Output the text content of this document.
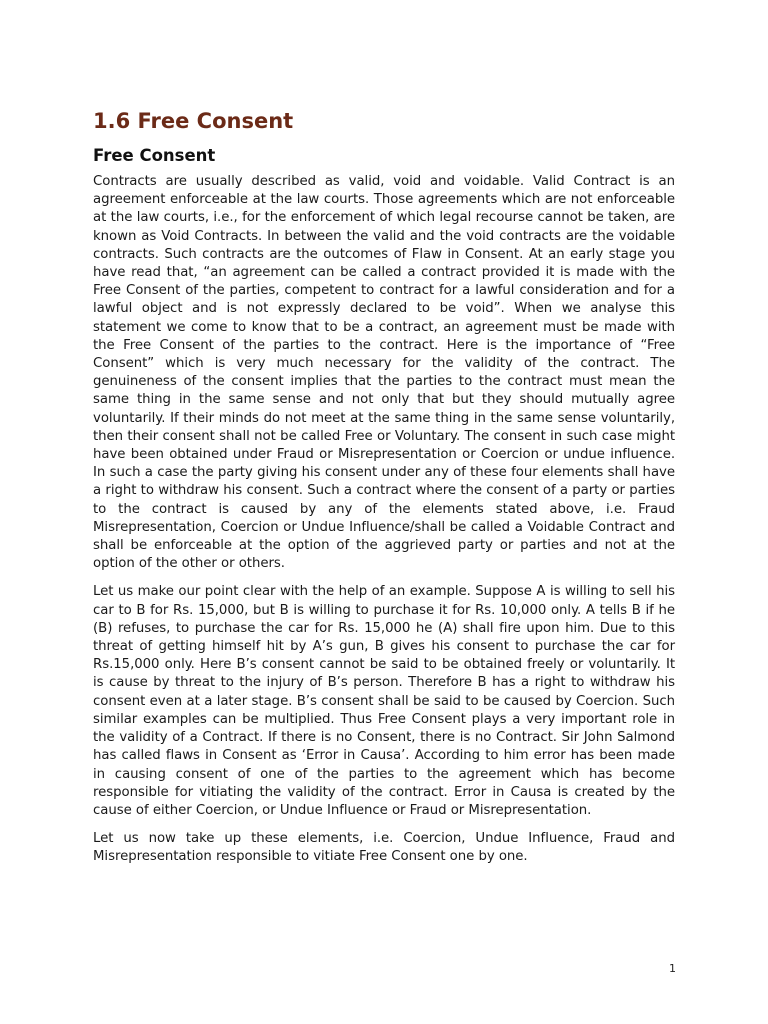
1.6 Free Consent
Free Consent

Contracts are usually described as valid, void and voidable. Valid Contract is an agreement enforceable at the law courts. Those agreements which are not enforceable at the law courts, i.e., for the enforcement of which legal recourse cannot be taken, are known as Void Contracts. In between the valid and the void contracts are the voidable contracts. Such contracts are the outcomes of Flaw in Consent. At an early stage you have read that, “an agreement can be called a contract provided it is made with the Free Consent of the parties, competent to contract for a lawful consideration and for a lawful object and is not expressly declared to be void”. When we analyse this statement we come to know that to be a contract, an agreement must be made with the Free Consent of the parties to the contract. Here is the importance of “Free Consent” which is very much necessary for the validity of the contract. The genuineness of the consent implies that the parties to the contract must mean the same thing in the same sense and not only that but they should mutually agree voluntarily. If their minds do not meet at the same thing in the same sense voluntarily, then their consent shall not be called Free or Voluntary. The consent in such case might have been obtained under Fraud or Misrepresentation or Coercion or undue influence. In such a case the party giving his consent under any of these four elements shall have a right to withdraw his consent. Such a contract where the consent of a party or parties to the contract is caused by any of the elements stated above, i.e. Fraud Misrepresentation, Coercion or Undue Influence/shall be called a Voidable Contract and shall be enforceable at the option of the aggrieved party or parties and not at the option of the other or others.

Let us make our point clear with the help of an example. Suppose A is willing to sell his car to B for Rs. 15,000, but B is willing to purchase it for Rs. 10,000 only. A tells B if he (B) refuses, to purchase the car for Rs. 15,000 he (A) shall fire upon him. Due to this threat of getting himself hit by A’s gun, B gives his consent to purchase the car for Rs.15,000 only. Here B’s consent cannot be said to be obtained freely or voluntarily. It is cause by threat to the injury of B’s person. Therefore B has a right to withdraw his consent even at a later stage. B’s consent shall be said to be caused by Coercion. Such similar examples can be multiplied. Thus Free Consent plays a very important role in the validity of a Contract. If there is no Consent, there is no Contract. Sir John Salmond has called flaws in Consent as ‘Error in Causa’. According to him error has been made in causing consent of one of the parties to the agreement which has become responsible for vitiating the validity of the contract. Error in Causa is created by the cause of either Coercion, or Undue Influence or Fraud or Misrepresentation.

Let us now take up these elements, i.e. Coercion, Undue Influence, Fraud and Misrepresentation responsible to vitiate Free Consent one by one.

1
